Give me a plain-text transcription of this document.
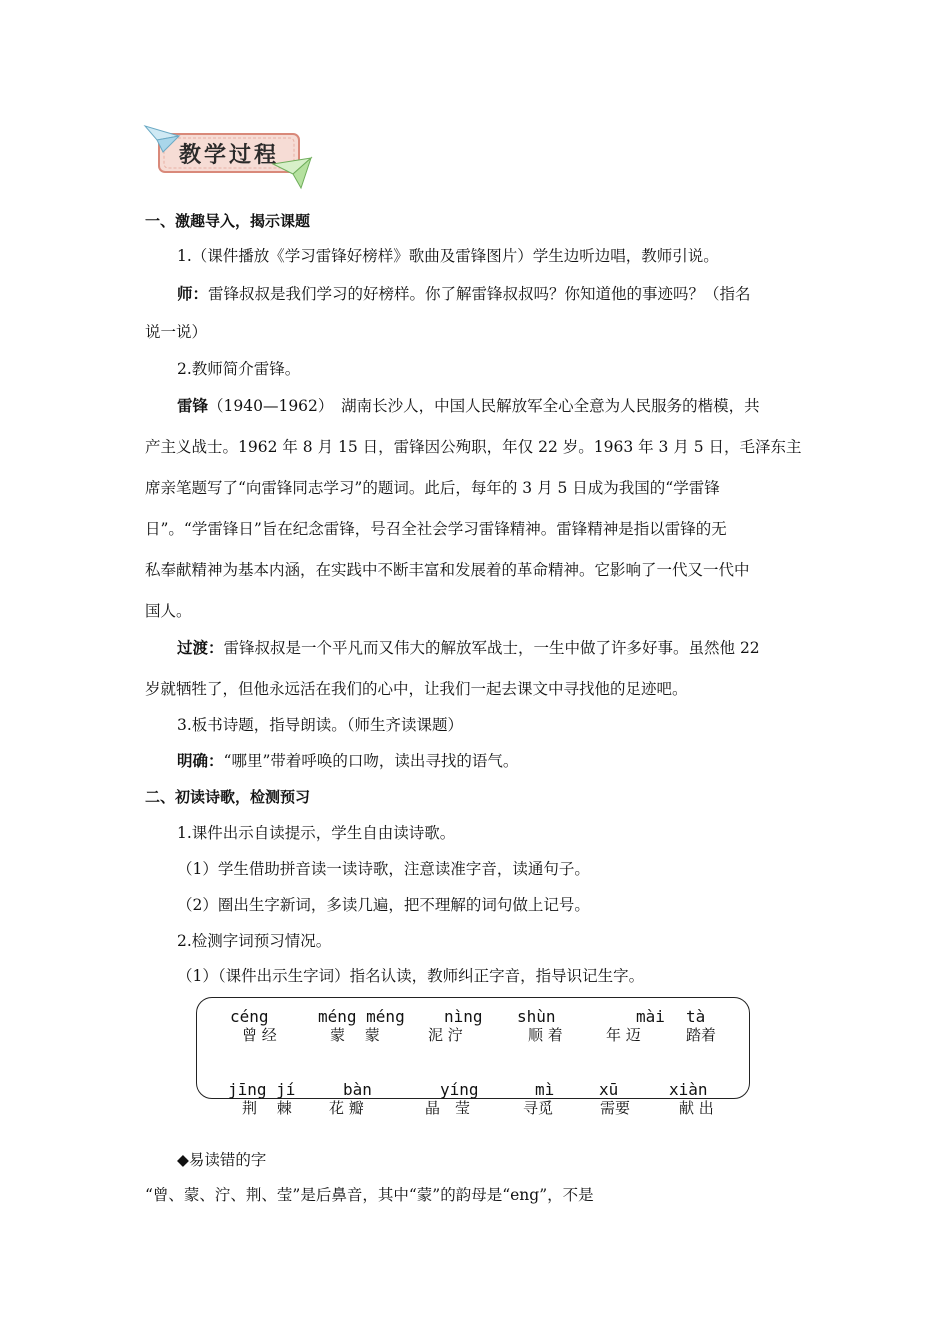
教学过程
一、激趣导入，揭示课题
1.（课件播放《学习雷锋好榜样》歌曲及雷锋图片）学生边听边唱，教师引说。
师：雷锋叔叔是我们学习的好榜样。你了解雷锋叔叔吗？你知道他的事迹吗？（指名
说一说）
2.教师简介雷锋。
雷锋（1940—1962）　湖南长沙人，中国人民解放军全心全意为人民服务的楷模，共
产主义战士。1962 年 8 月 15 日，雷锋因公殉职，年仅 22 岁。1963 年 3 月 5 日，毛泽东主
席亲笔题写了“向雷锋同志学习”的题词。此后，每年的 3 月 5 日成为我国的“学雷锋
日”。“学雷锋日”旨在纪念雷锋，号召全社会学习雷锋精神。雷锋精神是指以雷锋的无
私奉献精神为基本内涵，在实践中不断丰富和发展着的革命精神。它影响了一代又一代中
国人。
过渡：雷锋叔叔是一个平凡而又伟大的解放军战士，一生中做了许多好事。虽然他 22
岁就牺牲了，但他永远活在我们的心中，让我们一起去课文中寻找他的足迹吧。
3.板书诗题，指导朗读。（师生齐读课题）
明确：“哪里”带着呼唤的口吻，读出寻找的语气。
二、初读诗歌，检测预习
1.课件出示自读提示，学生自由读诗歌。
（1）学生借助拼音读一读诗歌，注意读准字音，读通句子。
（2）圈出生字新词，多读几遍，把不理解的词句做上记号。
2.检测字词预习情况。
（1）（课件出示生字词）指名认读，教师纠正字音，指导识记生字。
céng
曾 经
méng méng
蒙　 蒙
nìng
泥 泞
shùn
顺 着
mài
年 迈
tà
踏着
jīng jí
荆　 棘
bàn
花 瓣
yíng
晶　莹
mì
寻觅
xū
需要
xiàn
献 出
◆易读错的字
“曾、蒙、泞、荆、莹”是后鼻音，其中“蒙”的韵母是“eng”，不是
